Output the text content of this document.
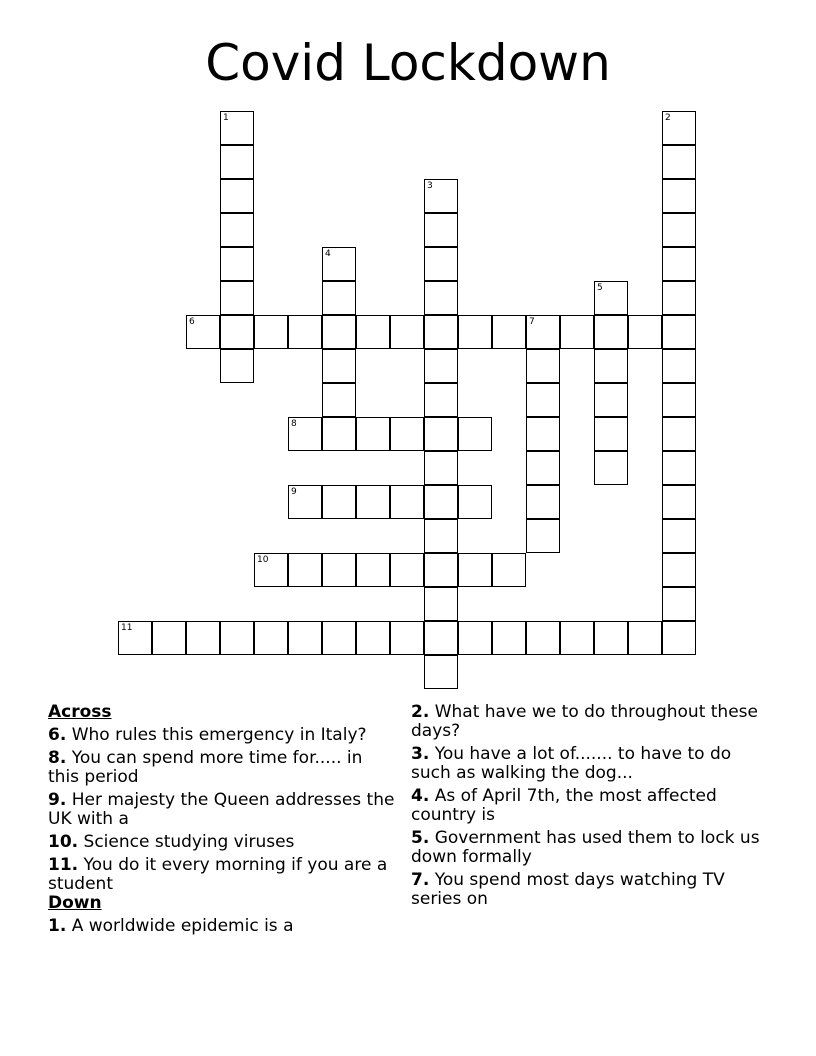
Covid Lockdown
1	2
3
4
5
6	7
8
9
10
11
Across
6. Who rules this emergency in Italy?
8. You can spend more time for..... in this period
9. Her majesty the Queen addresses the UK with a
10. Science studying viruses
11. You do it every morning if you are a student
Down
1. A worldwide epidemic is a
2. What have we to do throughout these days?
3. You have a lot of....... to have to do such as walking the dog...
4. As of April 7th, the most affected country is
5. Government has used them to lock us down formally
7. You spend most days watching TV series on
